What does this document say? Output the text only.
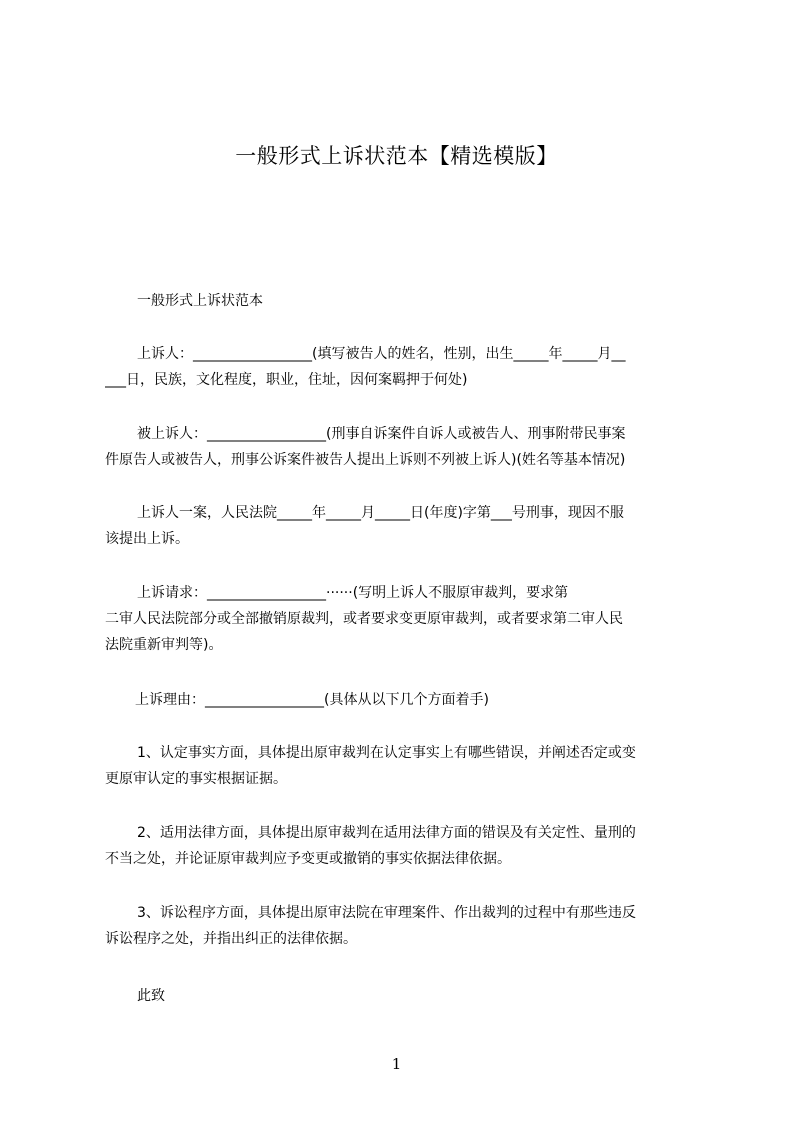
一般形式上诉状范本【精选模版】
一般形式上诉状范本
上诉人：_________________(填写被告人的姓名，性别，出生_____年_____月__
___日，民族，文化程度，职业，住址，因何案羁押于何处)
被上诉人：_________________(刑事自诉案件自诉人或被告人、刑事附带民事案
件原告人或被告人，刑事公诉案件被告人提出上诉则不列被上诉人)(姓名等基本情况)
上诉人一案，人民法院_____年_____月_____日(年度)字第___号刑事，现因不服
该提出上诉。
上诉请求：_________________······(写明上诉人不服原审裁判，要求第
二审人民法院部分或全部撤销原裁判，或者要求变更原审裁判，或者要求第二审人民
法院重新审判等)。
上诉理由：_________________(具体从以下几个方面着手)
1、认定事实方面，具体提出原审裁判在认定事实上有哪些错误，并阐述否定或变
更原审认定的事实根据证据。
2、适用法律方面，具体提出原审裁判在适用法律方面的错误及有关定性、量刑的
不当之处，并论证原审裁判应予变更或撤销的事实依据法律依据。
3、诉讼程序方面，具体提出原审法院在审理案件、作出裁判的过程中有那些违反
诉讼程序之处，并指出纠正的法律依据。
此致
1
